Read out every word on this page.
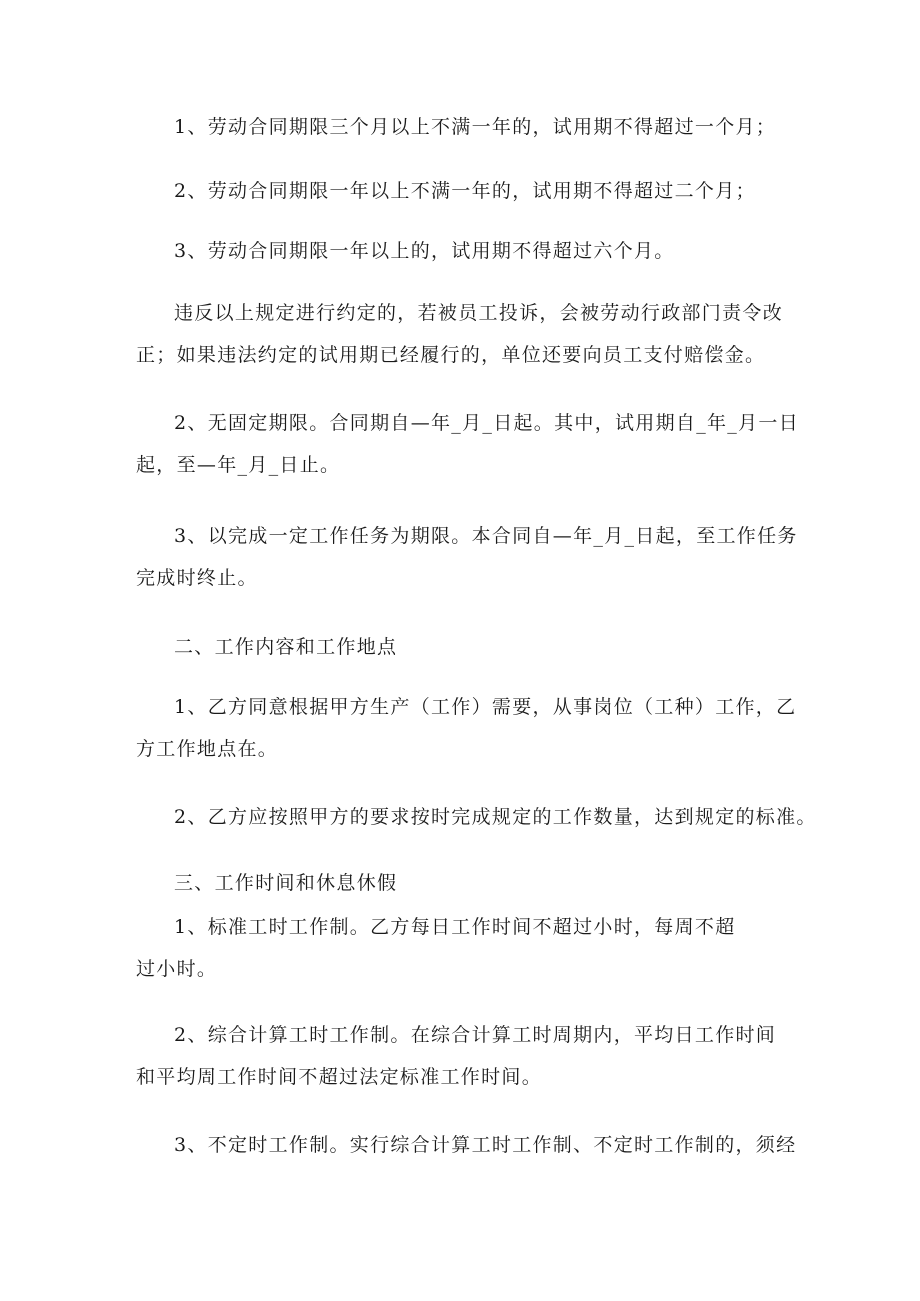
1、劳动合同期限三个月以上不满一年的，试用期不得超过一个月；
2、劳动合同期限一年以上不满一年的，试用期不得超过二个月；
3、劳动合同期限一年以上的，试用期不得超过六个月。
违反以上规定进行约定的，若被员工投诉，会被劳动行政部门责令改
正；如果违法约定的试用期已经履行的，单位还要向员工支付赔偿金。
2、无固定期限。合同期自—年_月_日起。其中，试用期自_年_月一日
起，至—年_月_日止。
3、以完成一定工作任务为期限。本合同自—年_月_日起，至工作任务
完成时终止。
二、工作内容和工作地点
1、乙方同意根据甲方生产（工作）需要，从事岗位（工种）工作，乙
方工作地点在。
2、乙方应按照甲方的要求按时完成规定的工作数量，达到规定的标准。
三、工作时间和休息休假
1、标准工时工作制。乙方每日工作时间不超过小时，每周不超
过小时。
2、综合计算工时工作制。在综合计算工时周期内，平均日工作时间
和平均周工作时间不超过法定标准工作时间。
3、不定时工作制。实行综合计算工时工作制、不定时工作制的，须经
